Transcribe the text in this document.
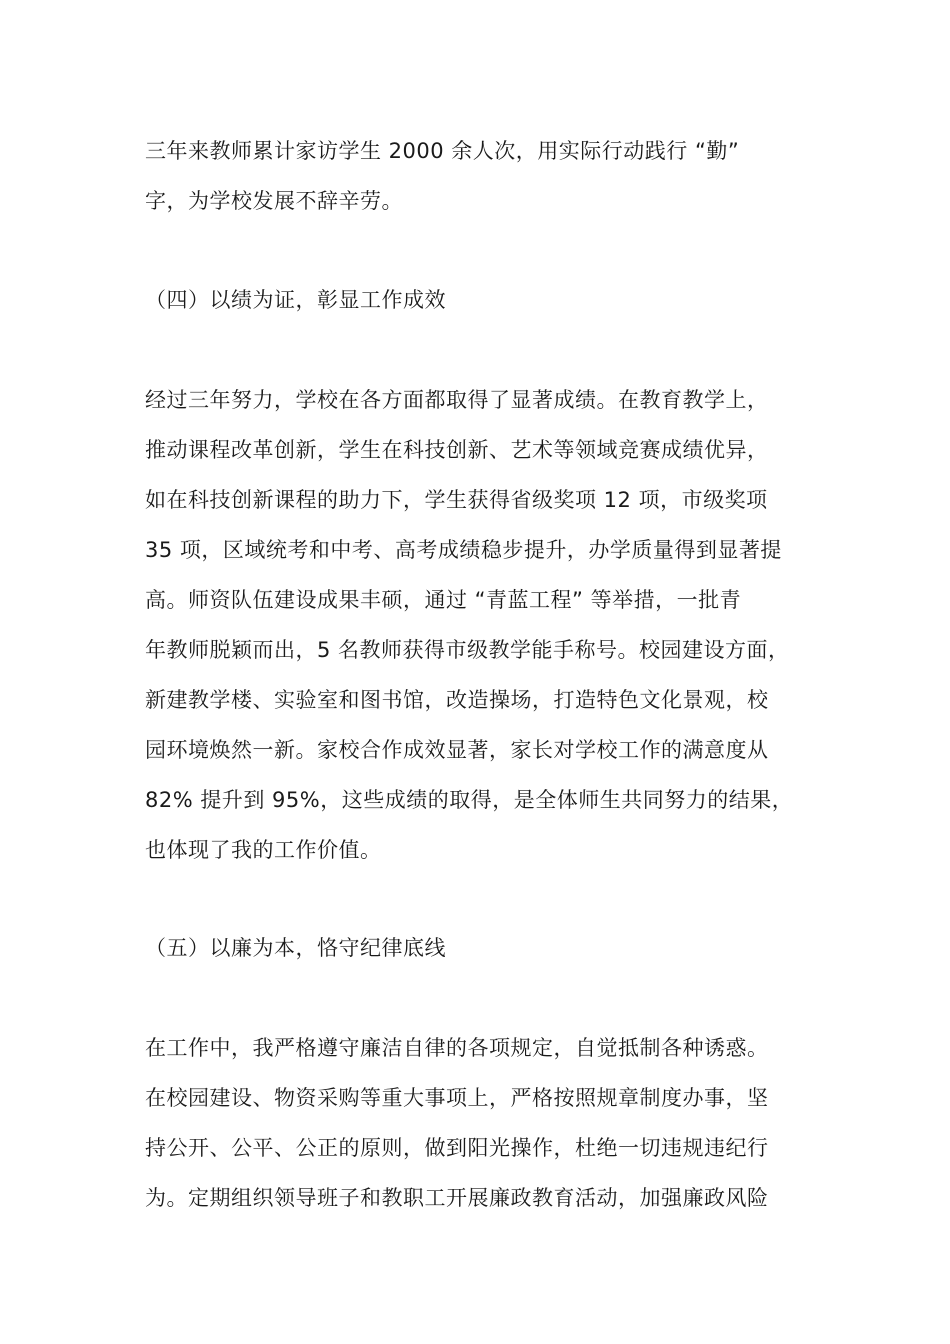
三年来教师累计家访学生 2000 余人次，用实际行动践行 “勤”
字，为学校发展不辞辛劳。
（四）以绩为证，彰显工作成效
经过三年努力，学校在各方面都取得了显著成绩。在教育教学上，
推动课程改革创新，学生在科技创新、艺术等领域竞赛成绩优异，
如在科技创新课程的助力下，学生获得省级奖项 12 项，市级奖项
35 项，区域统考和中考、高考成绩稳步提升，办学质量得到显著提
高。师资队伍建设成果丰硕，通过 “青蓝工程” 等举措，一批青
年教师脱颖而出，5 名教师获得市级教学能手称号。校园建设方面，
新建教学楼、实验室和图书馆，改造操场，打造特色文化景观，校
园环境焕然一新。家校合作成效显著，家长对学校工作的满意度从
82% 提升到 95%，这些成绩的取得，是全体师生共同努力的结果，
也体现了我的工作价值。
（五）以廉为本，恪守纪律底线
在工作中，我严格遵守廉洁自律的各项规定，自觉抵制各种诱惑。
在校园建设、物资采购等重大事项上，严格按照规章制度办事，坚
持公开、公平、公正的原则，做到阳光操作，杜绝一切违规违纪行
为。定期组织领导班子和教职工开展廉政教育活动，加强廉政风险
